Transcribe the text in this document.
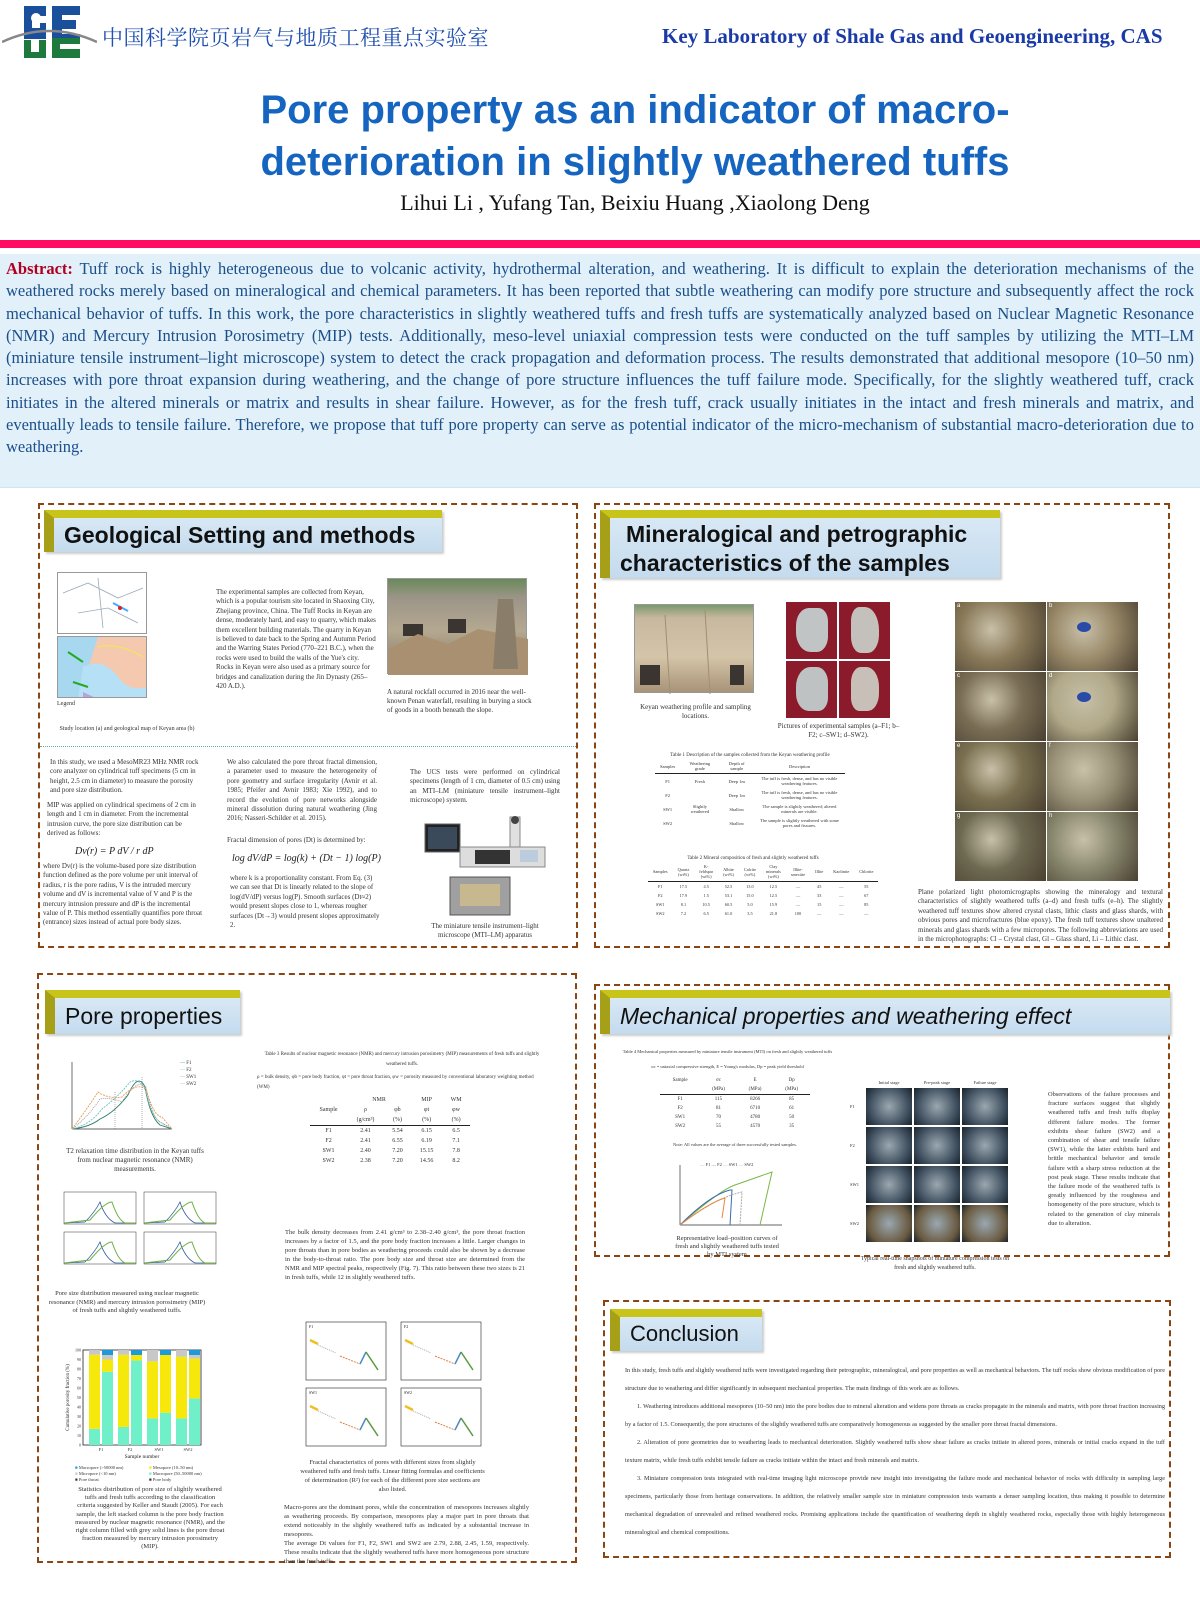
中国科学院页岩气与地质工程重点实验室	Key Laboratory of Shale Gas and Geoengineering, CAS
Pore property as an indicator of macro-
deterioration in slightly weathered tuffs
Lihui Li , Yufang Tan, Beixiu Huang ,Xiaolong Deng
Abstract: Tuff rock is highly heterogeneous due to volcanic activity, hydrothermal alteration, and weathering. It is difficult to explain the deterioration mechanisms of the weathered rocks merely based on mineralogical and chemical parameters. It has been reported that subtle weathering can modify pore structure and subsequently affect the rock mechanical behavior of tuffs. In this work, the pore characteristics in slightly weathered tuffs and fresh tuffs are systematically analyzed based on Nuclear Magnetic Resonance (NMR) and Mercury Intrusion Porosimetry (MIP) tests. Additionally, meso-level uniaxial compression tests were conducted on the tuff samples by utilizing the MTI–LM (miniature tensile instrument–light microscope) system to detect the crack propagation and deformation process. The results demonstrated that additional mesopore (10–50 nm) increases with pore throat expansion during weathering, and the change of pore structure influences the tuff failure mode. Specifically, for the slightly weathered tuff, crack initiates in the altered minerals or matrix and results in shear failure. However, as for the fresh tuff, crack usually initiates in the intact and fresh minerals and matrix, and eventually leads to tensile failure. Therefore, we propose that tuff pore property can serve as potential indicator of the micro-mechanism of substantial macro-deterioration due to weathering.
Geological Setting and methods
Legend
Study location (a) and geological map of Keyan area (b)
The experimental samples are collected from Keyan, which is a popular tourism site located in Shaoxing City, Zhejiang province, China. The Tuff Rocks in Keyan are dense, moderately hard, and easy to quarry, which makes them excellent building materials. The quarry in Keyan is believed to date back to the Spring and Autumn Period and the Warring States Period (770–221 B.C.), when the rocks were used to build the walls of the Yue's city. Rocks in Keyan were also used as a primary source for bridges and canalization during the Jin Dynasty (265–420 A.D.).
A natural rockfall occurred in 2016 near the well-known Penan waterfall, resulting in burying a stock of goods in a booth beneath the slope.
In this study, we used a MesoMR23 MHz NMR rock core analyzer on cylindrical tuff specimens (5 cm in height, 2.5 cm in diameter) to measure the porosity and pore size distribution.
MIP was applied on cylindrical specimens of 2 cm in length and 1 cm in diameter. From the incremental intrusion curve, the pore size distribution can be derived as follows:
Dv(r) = P dV / r dP
where Dv(r) is the volume-based pore size distribution function defined as the pore volume per unit interval of radius, r is the pore radius, V is the intruded mercury volume and dV is incremental value of V and P is the mercury intrusion pressure and dP is the incremental value of P. This method essentially quantifies pore throat (entrance) sizes instead of actual pore body sizes.
We also calculated the pore throat fractal dimension, a parameter used to measure the heterogeneity of pore geometry and surface irregularity (Avnir et al. 1985; Pfeifer and Avnir 1983; Xie 1992), and to record the evolution of pore networks alongside mineral dissolution during natural weathering (Jing 2016; Nasseri-Schilder et al. 2015).
Fractal dimension of pores (Dt) is determined by:
log dV/dP = log(k) + (Dt − 1) log(P)
where k is a proportionality constant. From Eq. (3) we can see that Dt is linearly related to the slope of log(dV/dP) versus log(P). Smooth surfaces (Dt≈2) would present slopes close to 1, whereas rougher surfaces (Dt→3) would present slopes approximately 2.
The UCS tests were performed on cylindrical specimens (length of 1 cm, diameter of 0.5 cm) using an MTI–LM (miniature tensile instrument–light microscope) system.
The miniature tensile instrument–light microscope (MTI–LM) apparatus
Mineralogical and petrographic
characteristics of the samples
Keyan weathering profile and sampling locations.
Pictures of experimental samples (a–F1; b–F2; c–SW1; d–SW2).
a	b
c	d
e	f
g	h
Plane polarized light photomicrographs showing the mineralogy and textural characteristics of slightly weathered tuffs (a–d) and fresh tuffs (e–h). The slightly weathered tuff textures show altered crystal clasts, lithic clasts and glass shards, with obvious pores and microfractures (blue epoxy). The fresh tuff textures show unaltered minerals and glass shards with a few micropores. The following abbreviations are used in the microphotographs: Cl – Crystal clast, Gl – Glass shard, Li – Lithic clast.
Table 1 Description of the samples collected from the Keyan weathering profile
Samples	Weathering grade	Depth of sample	Description
F1	Fresh	Deep 1m	The tuff is fresh, dense, and has no visible weathering features.
F2		Deep 1m	The tuff is fresh, dense, and has no visible weathering features.
SW1	Slightly weathered	Shallow	The sample is slightly weathered; altered minerals are visible.
SW2		Shallow	The sample is slightly weathered with some pores and fissures.
Table 2 Mineral composition of fresh and slightly weathered tuffs
Samples	Quartz (wt%)	K-feldspar (wt%)	Albite (wt%)	Calcite (wt%)	Clay minerals (wt%)	Illite-smectite	Illite	Kaolinite	Chlorite
F1	17.5	4.5	52.5	13.0	12.5	—	45	—	55
F2	17.9	1.5	53.1	15.0	12.5	—	33	—	67
SW1	8.1	10.5	60.5	5.0	15.9	—	15	—	85
SW2	7.2	6.5	61.0	3.5	21.8	100	—	—	—
Pore properties
— F1
— F2
— SW1
— SW2
T2 relaxation time distribution in the Keyan tuffs from nuclear magnetic resonance (NMR) measurements.
Pore size distribution measured using nuclear magnetic resonance (NMR) and mercury intrusion porosimetry (MIP) of fresh tuffs and slightly weathered tuffs.
0
10
20
30
40
50
60
70
80
90
100
F1	F2	SW1	SW2
Sample number
Cumulative porosity fraction (%)
■ Macropore (>50000 nm)	■ Mesopore (10–50 nm)■ Micropore (<10 nm)	■ Macropore (50–50000 nm)■ Pore throat	■ Pore body
Statistics distribution of pore size of slightly weathered tuffs and fresh tuffs according to the classification criteria suggested by Keller and Staudt (2005). For each sample, the left stacked column is the pore body fraction measured by nuclear magnetic resonance (NMR), and the right column filled with grey solid lines is the pore throat fraction measured by mercury intrusion porosimetry (MIP).
Table 3 Results of nuclear magnetic resonance (NMR) and mercury intrusion porosimetry (MIP) measurements of fresh tuffs and slightly weathered tuffs.
ρ = bulk density, φb = pore body fraction, φt = pore throat fraction, φw = porosity measured by conventional laboratory weighting method (WM)
	NMR		MIP	WM
Sample	ρ	φb	φt	φw
	(g/cm³)	(%)	(%)	(%)
F1	2.41	5.54	6.15	6.5
F2	2.41	6.55	6.19	7.1
SW1	2.40	7.20	15.15	7.8
SW2	2.38	7.20	14.56	8.2
The bulk density decreases from 2.41 g/cm³ to 2.38–2.40 g/cm³, the pore throat fraction increases by a factor of 1.5, and the pore body fraction increases a little. Larger changes in pore throats than in pore bodies as weathering proceeds could also be shown by a decrease in the body-to-throat ratio. The pore body size and throat size are determined from the NMR and MIP spectral peaks, respectively (Fig. 7). This ratio between these two sizes is 21 in fresh tuffs, while 12 in slightly weathered tuffs.
F1	F2
SW1	SW2
Fractal characteristics of pores with different sizes from slightly weathered tuffs and fresh tuffs. Linear fitting formulas and coefficients of determination (R²) for each of the different pore size sections are also listed.
Macro-pores are the dominant pores, while the concentration of mesopores increases slightly as weathering proceeds. By comparison, mesopores play a major part in pore throats that extend noticeably in the slightly weathered tuffs as indicated by a substantial increase in mesopores.
The average Dt values for F1, F2, SW1 and SW2 are 2.79, 2.88, 2.45, 1.59, respectively. These results indicate that the slightly weathered tuffs have more homogeneous pore structure than the fresh tuffs.
Mechanical properties and weathering effect
Table 4 Mechanical properties measured by miniature tensile instrument (MTI) on fresh and slightly weathered tuffs
σc = uniaxial compressive strength, E = Young's modulus, Dp = peak yield threshold
Sample	σc	E	Dp
	(MPa)	(MPa)	(MPa)
F1	115	8266	85
F2	81	6710	61
SW1	70	4780	50
SW2	55	4570	35
Note: All values are the average of three successfully tested samples.
— F1 — F2 — SW1 — SW2
Representative load–position curves of fresh and slightly weathered tuffs tested by MTI system
Initial stage	Pre-peak stage	Failure stage
F1
F2
SW1
SW2
Typical real-time snapshots of miniature compression tests on fresh and slightly weathered tuffs.
Observations of the failure processes and fracture surfaces suggest that slightly weathered tuffs and fresh tuffs display different failure modes. The former exhibits shear failure (SW2) and a combination of shear and tensile failure (SW1), while the latter exhibits hard and brittle mechanical behavior and tensile failure with a sharp stress reduction at the post peak stage. These results indicate that the failure mode of the weathered tuffs is greatly influenced by the roughness and homogeneity of the pore structure, which is related to the generation of clay minerals due to alteration.
Conclusion
In this study, fresh tuffs and slightly weathered tuffs were investigated regarding their petrographic, mineralogical, and pore properties as well as mechanical behaviors. The tuff rocks show obvious modification of pore structure due to weathering and differ significantly in subsequent mechanical properties. The main findings of this work are as follows.
1. Weathering introduces additional mesopores (10–50 nm) into the pore bodies due to mineral alteration and widens pore throats as cracks propagate in the minerals and matrix, with pore throat fraction increasing by a factor of 1.5. Consequently, the pore structures of the slightly weathered tuffs are comparatively homogeneous as suggested by the smaller pore throat fractal dimensions.
2. Alteration of pore geometries due to weathering leads to mechanical deterioration. Slightly weathered tuffs show shear failure as cracks initiate in altered pores, minerals or initial cracks expand in the tuff texture matrix, while fresh tuffs exhibit tensile failure as cracks initiate within the intact and fresh minerals and matrix.
3. Miniature compression tests integrated with real-time imaging light microscope provide new insight into investigating the failure mode and mechanical behavior of rocks with difficulty in sampling large specimens, particularly those from heritage conservations. In addition, the relatively smaller sample size in miniature compression tests warrants a denser sampling location, thus making it possible to determine mechanical degradation of unrevealed and refined weathered rocks. Promising applications include the quantification of weathering depth in slightly weathered rocks, especially those with highly heterogeneous mineralogical and chemical compositions.
